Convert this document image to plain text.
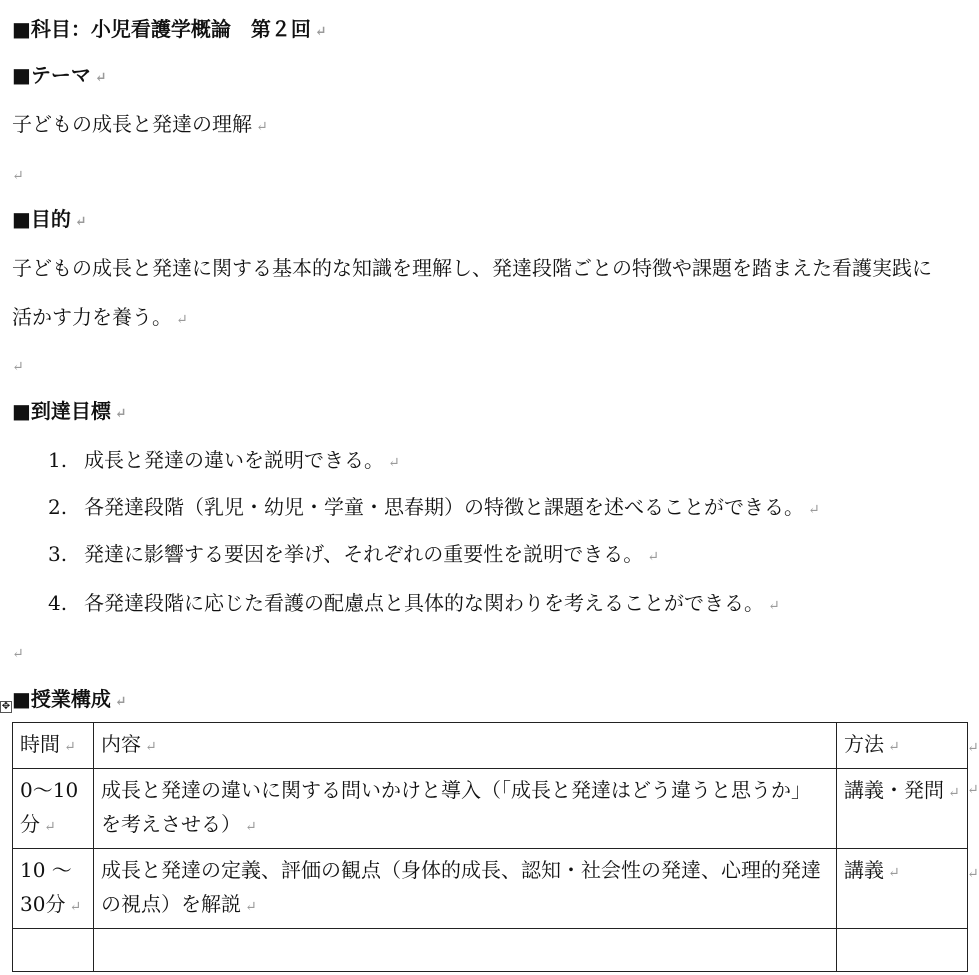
■科目：小児看護学概論　第２回 ↵
■テーマ ↵
子どもの成長と発達の理解 ↵
↵
■目的 ↵
子どもの成長と発達に関する基本的な知識を理解し、発達段階ごとの特徴や課題を踏まえた看護実践に
活かす力を養う。 ↵
↵
■到達目標 ↵
1. 成長と発達の違いを説明できる。 ↵
2. 各発達段階（乳児・幼児・学童・思春期）の特徴と課題を述べることができる。 ↵
3. 発達に影響する要因を挙げ、それぞれの重要性を説明できる。 ↵
4. 各発達段階に応じた看護の配慮点と具体的な関わりを考えることができる。 ↵
↵
✥ ■授業構成 ↵
時間 ↵	内容 ↵	方法 ↵
0～10分 ↵	成長と発達の違いに関する問いかけと導入（「成長と発達はどう違うと思うか」を考えさせる） ↵	講義・発問 ↵
10 ～ 30分 ↵	成長と発達の定義、評価の観点（身体的成長、認知・社会性の発達、心理的発達の視点）を解説 ↵	講義 ↵

↵
↵
↵
